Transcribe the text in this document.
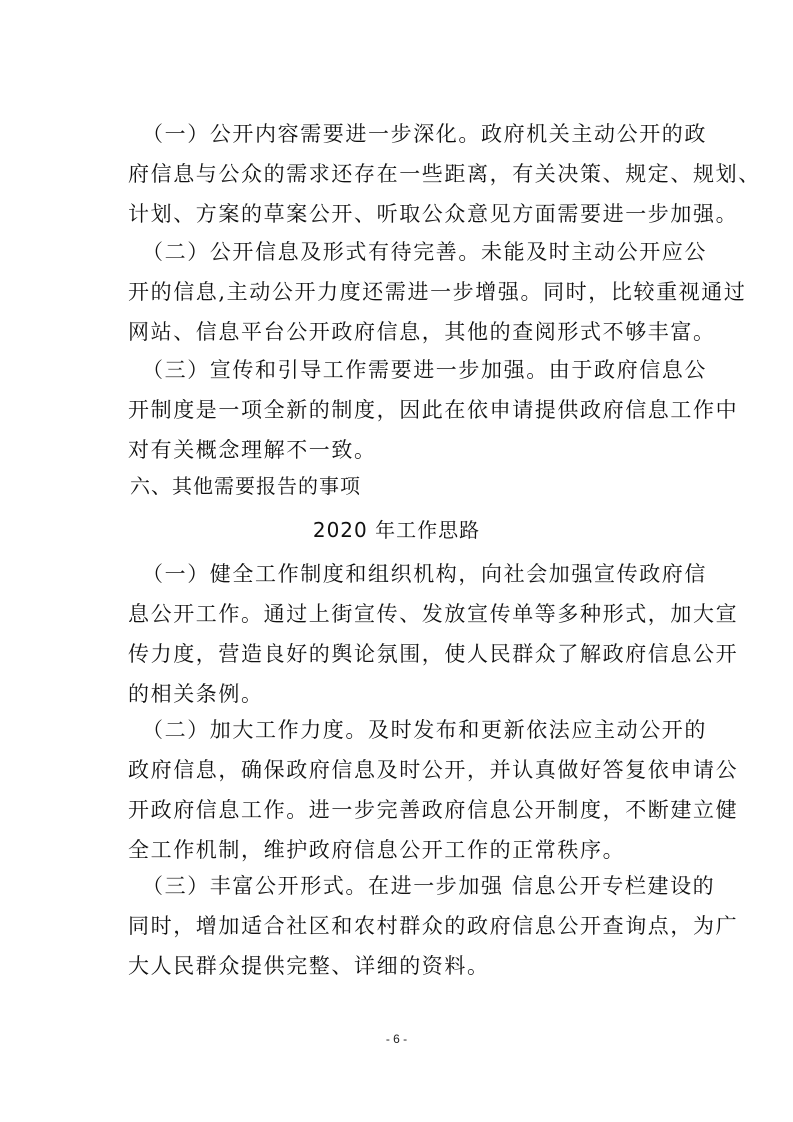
（一）公开内容需要进一步深化。政府机关主动公开的政
府信息与公众的需求还存在一些距离，有关决策、规定、规划、
计划、方案的草案公开、听取公众意见方面需要进一步加强。
（二）公开信息及形式有待完善。未能及时主动公开应公
开的信息,主动公开力度还需进一步增强。同时，比较重视通过
网站、信息平台公开政府信息，其他的查阅形式不够丰富。
（三）宣传和引导工作需要进一步加强。由于政府信息公
开制度是一项全新的制度，因此在依申请提供政府信息工作中
对有关概念理解不一致。
六、其他需要报告的事项
2020 年工作思路
（一）健全工作制度和组织机构，向社会加强宣传政府信
息公开工作。通过上街宣传、发放宣传单等多种形式，加大宣
传力度，营造良好的舆论氛围，使人民群众了解政府信息公开
的相关条例。
（二）加大工作力度。及时发布和更新依法应主动公开的
政府信息，确保政府信息及时公开，并认真做好答复依申请公
开政府信息工作。进一步完善政府信息公开制度，不断建立健
全工作机制，维护政府信息公开工作的正常秩序。
（三）丰富公开形式。在进一步加强 信息公开专栏建设的
同时，增加适合社区和农村群众的政府信息公开查询点，为广
大人民群众提供完整、详细的资料。
- 6 -
